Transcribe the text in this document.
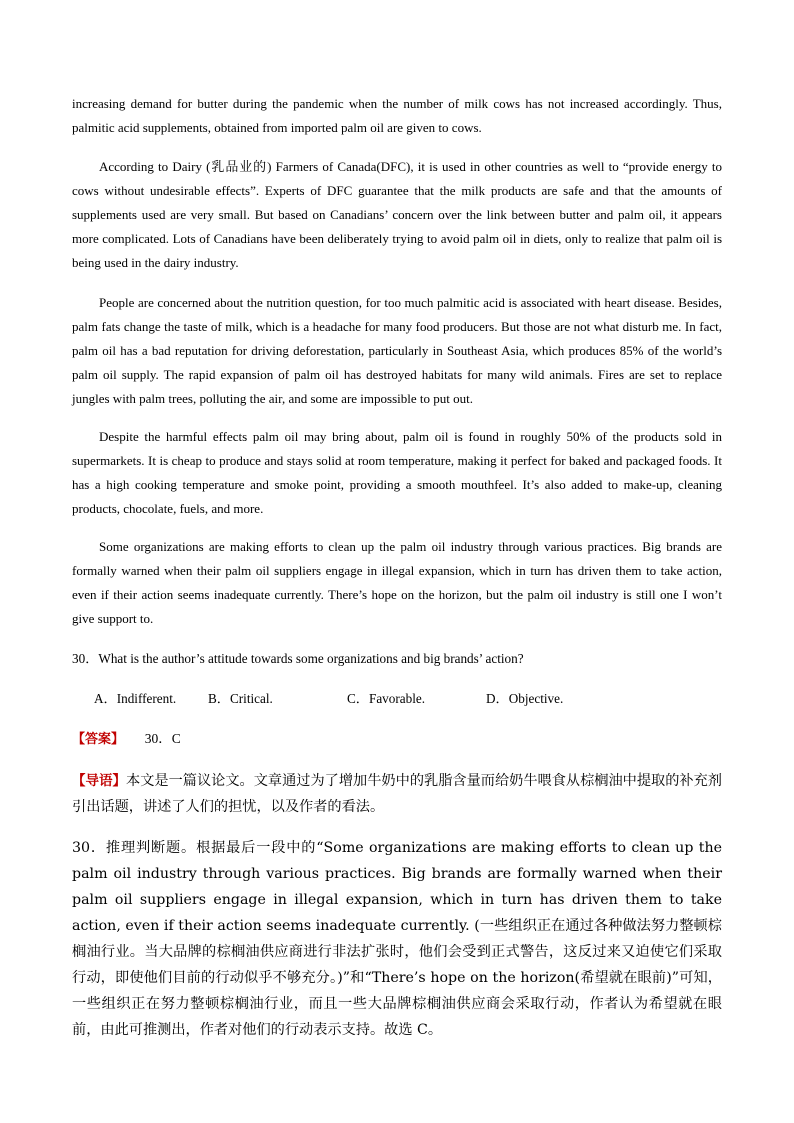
increasing demand for butter during the pandemic when the number of milk cows has not increased accordingly. Thus, palmitic acid supplements, obtained from imported palm oil are given to cows.

According to Dairy (乳品业的) Farmers of Canada(DFC), it is used in other countries as well to “provide energy to cows without undesirable effects”. Experts of DFC guarantee that the milk products are safe and that the amounts of supplements used are very small. But based on Canadians’ concern over the link between butter and palm oil, it appears more complicated. Lots of Canadians have been deliberately trying to avoid palm oil in diets, only to realize that palm oil is being used in the dairy industry.

People are concerned about the nutrition question, for too much palmitic acid is associated with heart disease. Besides, palm fats change the taste of milk, which is a headache for many food producers. But those are not what disturb me. In fact, palm oil has a bad reputation for driving deforestation, particularly in Southeast Asia, which produces 85% of the world’s palm oil supply. The rapid expansion of palm oil has destroyed habitats for many wild animals. Fires are set to replace jungles with palm trees, polluting the air, and some are impossible to put out.

Despite the harmful effects palm oil may bring about, palm oil is found in roughly 50% of the products sold in supermarkets. It is cheap to produce and stays solid at room temperature, making it perfect for baked and packaged foods. It has a high cooking temperature and smoke point, providing a smooth mouthfeel. It’s also added to make-up, cleaning products, chocolate, fuels, and more.

Some organizations are making efforts to clean up the palm oil industry through various practices. Big brands are formally warned when their palm oil suppliers engage in illegal expansion, which in turn has driven them to take action, even if their action seems inadequate currently. There’s hope on the horizon, but the palm oil industry is still one I won’t give support to.

30．What is the author’s attitude towards some organizations and big brands’ action?

A．Indifferent. B．Critical.	C．Favorable.	D．Objective.
【答案】 30．C

【导语】本文是一篇议论文。文章通过为了增加牛奶中的乳脂含量而给奶牛喂食从棕榈油中提取的补充剂引出话题，讲述了人们的担忧，以及作者的看法。

30．推理判断题。根据最后一段中的“Some organizations are making efforts to clean up the palm oil industry through various practices. Big brands are formally warned when their palm oil suppliers engage in illegal expansion, which in turn has driven them to take action, even if their action seems inadequate currently. (一些组织正在通过各种做法努力整顿棕榈油行业。当大品牌的棕榈油供应商进行非法扩张时，他们会受到正式警告，这反过来又迫使它们采取行动，即使他们目前的行动似乎不够充分。)”和“There’s hope on the horizon(希望就在眼前)”可知，一些组织正在努力整顿棕榈油行业，而且一些大品牌棕榈油供应商会采取行动，作者认为希望就在眼前，由此可推测出，作者对他们的行动表示支持。故选 C。
